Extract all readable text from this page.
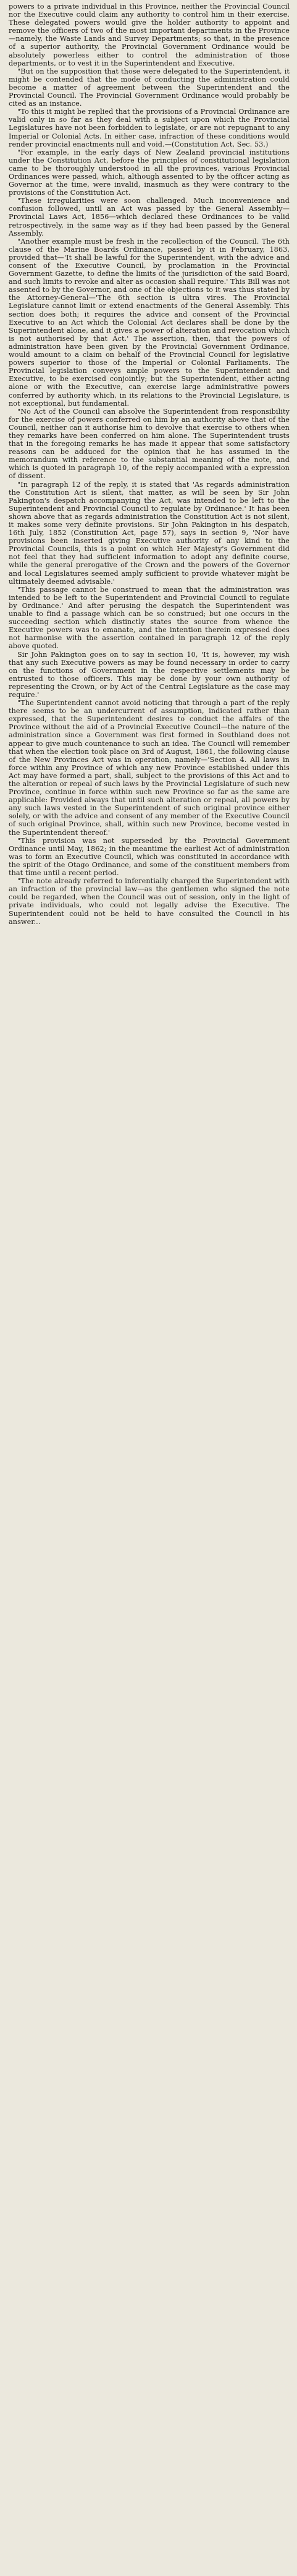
powers to a private individual in this Province, neither the Provincial Council nor the Executive could claim any authority to control him in their exercise. These delegated powers would give the holder authority to appoint and remove the officers of two of the most important departments in the Province—namely, the Waste Lands and Survey Departments; so that, in the presence of a superior authority, the Provincial Government Ordinance would be absolutely powerless either to control the administration of those departments, or to vest it in the Superintendent and Executive.

"But on the supposition that those were delegated to the Superintendent, it might be contended that the mode of conducting the administration could become a matter of agreement between the Superintendent and the Provincial Council. The Provincial Government Ordinance would probably be cited as an instance.

"To this it might be replied that the provisions of a Provincial Ordinance are valid only in so far as they deal with a subject upon which the Provincial Legislatures have not been forbidden to legislate, or are not repugnant to any Imperial or Colonial Acts. In either case, infraction of these conditions would render provincial enactments null and void.—(Constitution Act, Sec. 53.)

"For example, in the early days of New Zealand provincial institutions under the Constitution Act, before the principles of constitutional legislation came to be thoroughly understood in all the provinces, various Provincial Ordinances were passed, which, although assented to by the officer acting as Governor at the time, were invalid, inasmuch as they were contrary to the provisions of the Constitution Act.

"These irregularities were soon challenged. Much inconvenience and confusion followed, until an Act was passed by the General Assembly—Provincial Laws Act, 1856—which declared these Ordinances to be valid retrospectively, in the same way as if they had been passed by the General Assembly.

"Another example must be fresh in the recollection of the Council. The 6th clause of the Marine Boards Ordinance, passed by it in February, 1863, provided that—'It shall be lawful for the Superintendent, with the advice and consent of the Executive Council, by proclamation in the Provincial Government Gazette, to define the limits of the jurisdiction of the said Board, and such limits to revoke and alter as occasion shall require.' This Bill was not assented to by the Governor, and one of the objections to it was thus stated by the Attorney-General—'The 6th section is ultra vires. The Provincial Legislature cannot limit or extend enactments of the General Assembly. This section does both; it requires the advice and consent of the Provincial Executive to an Act which the Colonial Act declares shall be done by the Superintendent alone, and it gives a power of alteration and revocation which is not authorised by that Act.' The assertion, then, that the powers of administration have been given by the Provincial Government Ordinance, would amount to a claim on behalf of the Provincial Council for legislative powers superior to those of the Imperial or Colonial Parliaments. The Provincial legislation conveys ample powers to the Superintendent and Executive, to be exercised conjointly; but the Superintendent, either acting alone or with the Executive, can exercise large administrative powers conferred by authority which, in its relations to the Provincial Legislature, is not exceptional, but fundamental.

"No Act of the Council can absolve the Superintendent from responsibility for the exercise of powers conferred on him by an authority above that of the Council, neither can it authorise him to devolve that exercise to others when they remarks have been conferred on him alone. The Superintendent trusts that in the foregoing remarks he has made it appear that some satisfactory reasons can be adduced for the opinion that he has assumed in the memorandum with reference to the substantial meaning of the note, and which is quoted in paragraph 10, of the reply accompanied with a expression of dissent.

"In paragraph 12 of the reply, it is stated that 'As regards administration the Constitution Act is silent, that matter, as will be seen by Sir John Pakington's despatch accompanying the Act, was intended to be left to the Superintendent and Provincial Council to regulate by Ordinance.' It has been shown above that as regards administration the Constitution Act is not silent, it makes some very definite provisions. Sir John Pakington in his despatch, 16th July, 1852 (Constitution Act, page 57), says in section 9, 'Nor have provisions been inserted giving Executive authority of any kind to the Provincial Councils, this is a point on which Her Majesty's Government did not feel that they had sufficient information to adopt any definite course, while the general prerogative of the Crown and the powers of the Governor and local Legislatures seemed amply sufficient to provide whatever might be ultimately deemed advisable.'

"This passage cannot be construed to mean that the administration was intended to be left to the Superintendent and Provincial Council to regulate by Ordinance.' And after perusing the despatch the Superintendent was unable to find a passage which can be so construed; but one occurs in the succeeding section which distinctly states the source from whence the Executive powers was to emanate, and the intention therein expressed does not harmonise with the assertion contained in paragraph 12 of the reply above quoted.

Sir John Pakington goes on to say in section 10, 'It is, however, my wish that any such Executive powers as may be found necessary in order to carry on the functions of Government in the respective settlements may be entrusted to those officers. This may be done by your own authority of representing the Crown, or by Act of the Central Legislature as the case may require.'

"The Superintendent cannot avoid noticing that through a part of the reply there seems to be an undercurrent of assumption, indicated rather than expressed, that the Superintendent desires to conduct the affairs of the Province without the aid of a Provincial Executive Council—the nature of the administration since a Government was first formed in Southland does not appear to give much countenance to such an idea. The Council will remember that when the election took place on 3rd of August, 1861, the following clause of the New Provinces Act was in operation, namely—'Section 4. All laws in force within any Province of which any new Province established under this Act may have formed a part, shall, subject to the provisions of this Act and to the alteration or repeal of such laws by the Provincial Legislature of such new Province, continue in force within such new Province so far as the same are applicable: Provided always that until such alteration or repeal, all powers by any such laws vested in the Superintendent of such original province either solely, or with the advice and consent of any member of the Executive Council of such original Province, shall, within such new Province, become vested in the Superintendent thereof.'

"This provision was not superseded by the Provincial Government Ordinance until May, 1862; in the meantime the earliest Act of administration was to form an Executive Council, which was constituted in accordance with the spirit of the Otago Ordinance, and some of the constituent members from that time until a recent period.

"The note already referred to inferentially charged the Superintendent with an infraction of the provincial law—as the gentlemen who signed the note could be regarded, when the Council was out of session, only in the light of private individuals, who could not legally advise the Executive. The Superintendent could not be held to have consulted the Council in his answer...
